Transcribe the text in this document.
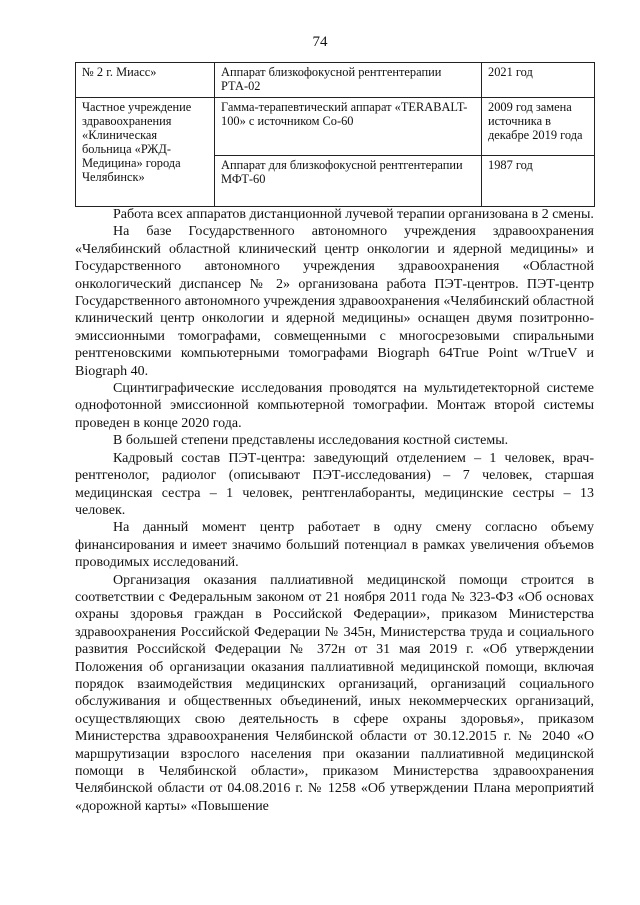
74
№ 2 г. Миасс»	Аппарат близкофокусной рентгентерапии РТА-02	2021 год
Частное учреждение здравоохранения «Клиническая больница «РЖД-Медицина» города Челябинск»	Гамма-терапевтический аппарат «TERABALT-100» с источником Со-60	2009 год замена источника в декабре 2019 года
	Аппарат для близкофокусной рентгентерапии МФТ-60	1987 год

Работа всех аппаратов дистанционной лучевой терапии организована в 2 смены.

На базе Государственного автономного учреждения здравоохранения «Челябинский областной клинический центр онкологии и ядерной медицины» и Государственного автономного учреждения здравоохранения «Областной онкологический диспансер № 2» организована работа ПЭТ-центров. ПЭТ-центр Государственного автономного учреждения здравоохранения «Челябинский областной клинический центр онкологии и ядерной медицины» оснащен двумя позитронно-эмиссионными томографами, совмещенными с многосрезовыми спиральными рентгеновскими компьютерными томографами Biograph 64True Point w/TrueV и Biograph 40.

Сцинтиграфические исследования проводятся на мультидетекторной системе однофотонной эмиссионной компьютерной томографии. Монтаж второй системы проведен в конце 2020 года.

В большей степени представлены исследования костной системы.

Кадровый состав ПЭТ-центра: заведующий отделением – 1 человек, врач-рентгенолог, радиолог (описывают ПЭТ-исследования) – 7 человек, старшая медицинская сестра – 1 человек, рентгенлаборанты, медицинские сестры – 13 человек.

На данный момент центр работает в одну смену согласно объему финансирования и имеет значимо больший потенциал в рамках увеличения объемов проводимых исследований.

Организация оказания паллиативной медицинской помощи строится в соответствии с Федеральным законом от 21 ноября 2011 года № 323-ФЗ «Об основах охраны здоровья граждан в Российской Федерации», приказом Министерства здравоохранения Российской Федерации № 345н, Министерства труда и социального развития Российской Федерации № 372н от 31 мая 2019 г. «Об утверждении Положения об организации оказания паллиативной медицинской помощи, включая порядок взаимодействия медицинских организаций, организаций социального обслуживания и общественных объединений, иных некоммерческих организаций, осуществляющих свою деятельность в сфере охраны здоровья», приказом Министерства здравоохранения Челябинской области от 30.12.2015 г. № 2040 «О маршрутизации взрослого населения при оказании паллиативной медицинской помощи в Челябинской области», приказом Министерства здравоохранения Челябинской области от 04.08.2016 г. № 1258 «Об утверждении Плана мероприятий «дорожной карты» «Повышение
